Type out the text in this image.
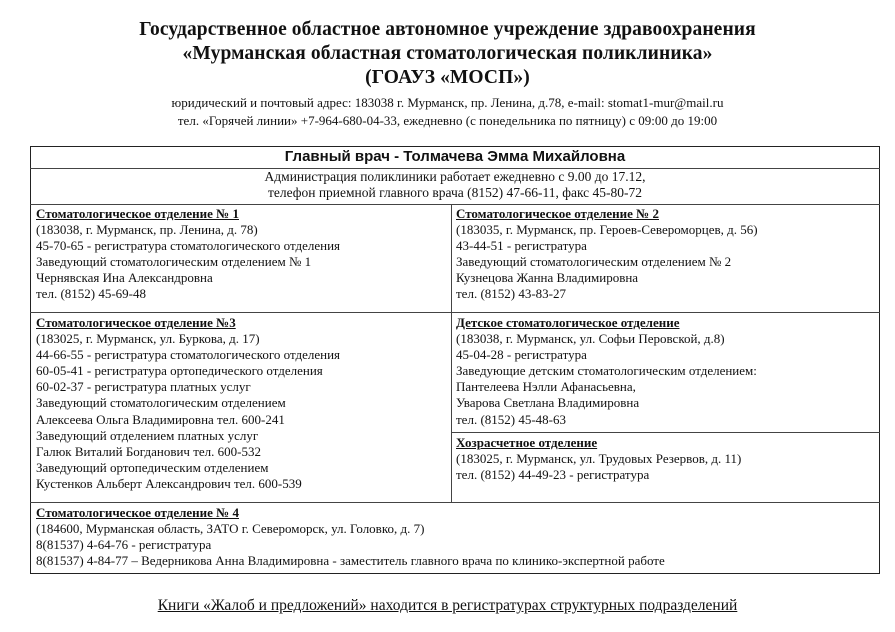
Государственное областное автономное учреждение здравоохранения
«Мурманская областная стоматологическая поликлиника»
(ГОАУЗ «МОСП»)
юридический и почтовый адрес: 183038 г. Мурманск, пр. Ленина, д.78, e-mail: stomat1-mur@mail.ru
тел. «Горячей линии» +7-964-680-04-33, ежедневно (с понедельника по пятницу) с 09:00 до 19:00
Главный врач - Толмачева Эмма Михайловна
Администрация поликлиники работает ежедневно с 9.00 до 17.12,
телефон приемной главного врача (8152) 47-66-11, факс 45-80-72
Стоматологическое отделение № 1
(183038, г. Мурманск, пр. Ленина, д. 78)
45-70-65 - регистратура стоматологического отделения
Заведующий стоматологическим отделением № 1
Чернявская Ина Александровна
тел. (8152) 45-69-48
Стоматологическое отделение № 2
(183035, г. Мурманск, пр. Героев-Североморцев, д. 56)
43-44-51 - регистратура
Заведующий стоматологическим отделением № 2
Кузнецова Жанна Владимировна
тел. (8152) 43-83-27
Стоматологическое отделение №3
(183025, г. Мурманск, ул. Буркова, д. 17)
44-66-55 - регистратура стоматологического отделения
60-05-41 - регистратура ортопедического отделения
60-02-37 - регистратура платных услуг
Заведующий стоматологическим отделением
Алексеева Ольга Владимировна тел. 600-241
Заведующий отделением платных услуг
Галюк Виталий Богданович тел. 600-532
Заведующий ортопедическим отделением
Кустенков Альберт Александрович тел. 600-539
Детское стоматологическое отделение
(183038, г. Мурманск, ул. Софьи Перовской, д.8)
45-04-28 - регистратура
Заведующие детским стоматологическим отделением:
Пантелеева Нэлли Афанасьевна,
Уварова Светлана Владимировна
тел. (8152) 45-48-63
Хозрасчетное отделение
(183025, г. Мурманск, ул. Трудовых Резервов, д. 11)
тел. (8152) 44-49-23 - регистратура
Стоматологическое отделение № 4
(184600, Мурманская область, ЗАТО г. Североморск, ул. Головко, д. 7)
8(81537) 4-64-76 - регистратура
8(81537) 4-84-77 – Ведерникова Анна Владимировна - заместитель главного врача по клинико-экспертной работе
Книги «Жалоб и предложений» находится в регистратурах структурных подразделений
